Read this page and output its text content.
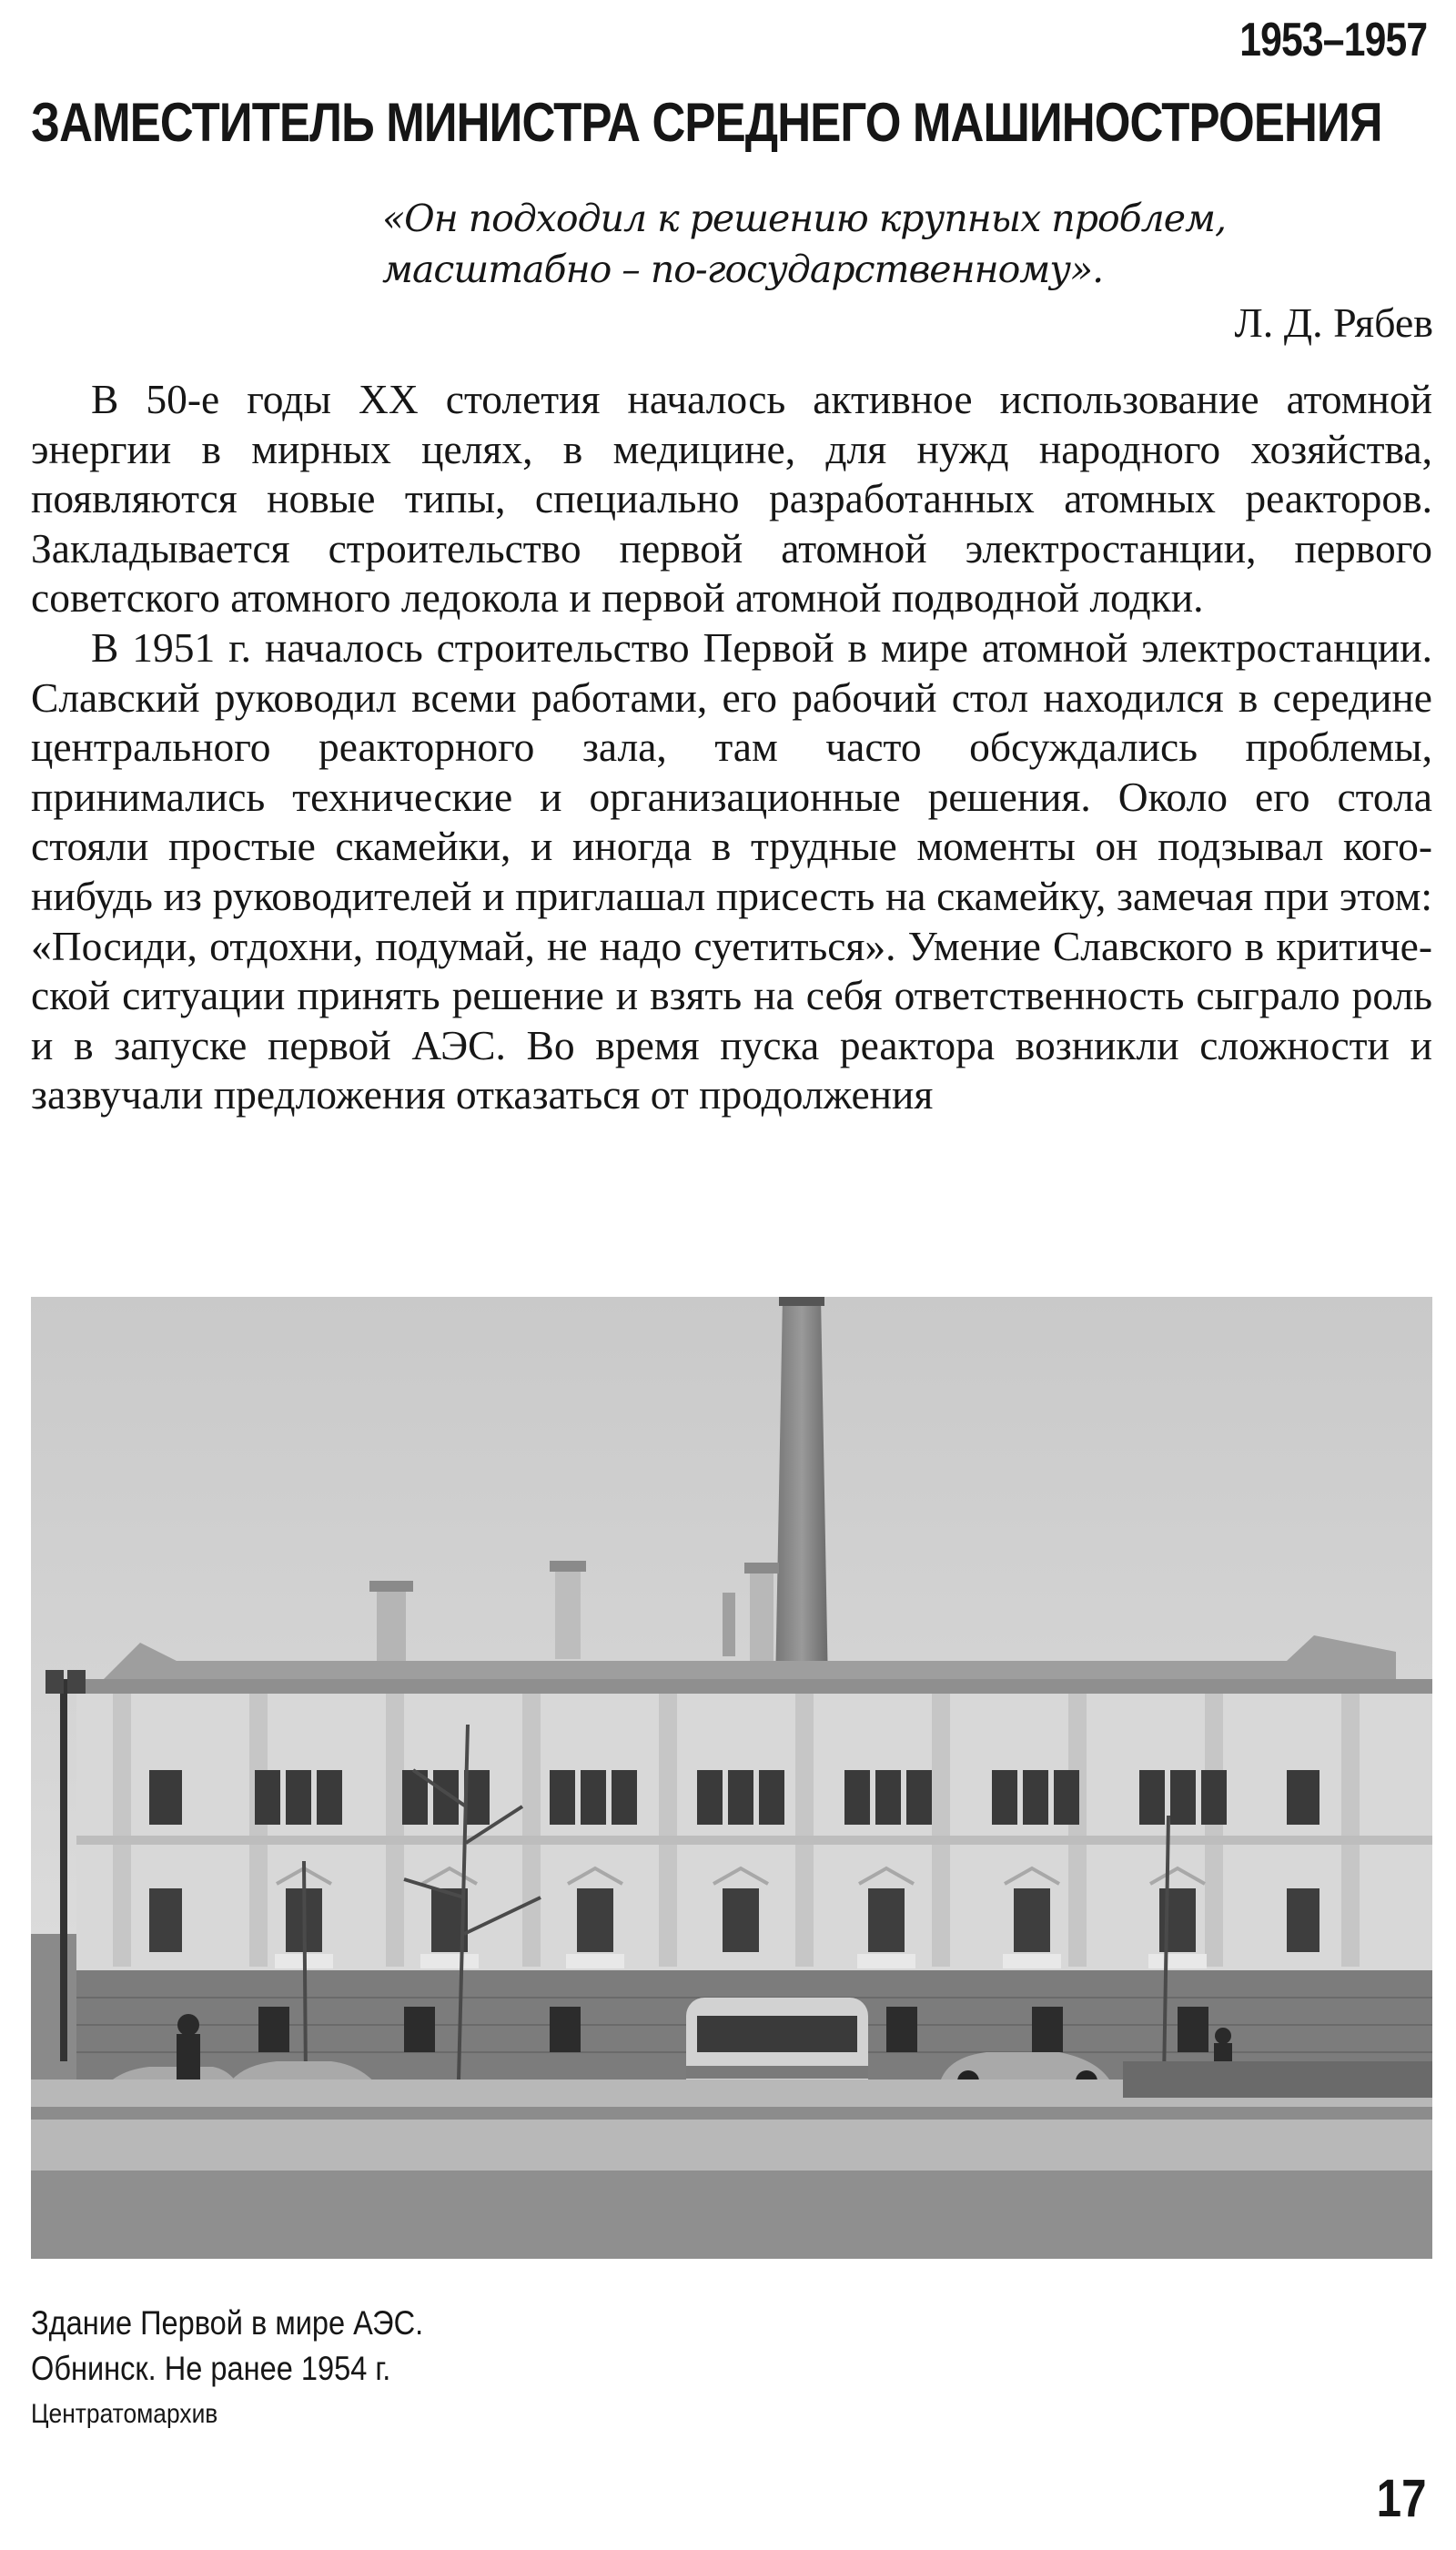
1953–1957
ЗАМЕСТИТЕЛЬ МИНИСТРА СРЕДНЕГО МАШИНОСТРОЕНИЯ
«Он подходил к решению крупных проблем,
масштабно – по-государственному».
Л. Д. Рябев

В 50-е годы XX столетия началось активное использование атомной энергии в мирных целях, в медицине, для нужд народного хозяйства, появляются новые типы, специально разработанных атомных реакторов. Закладывается строительство первой атомной электростанции, первого советского атомного ледокола и первой атомной подводной лодки.

В 1951 г. началось строительство Первой в мире атомной электростанции. Славский руководил всеми работами, его рабочий стол находился в середине центрального реакторного зала, там часто обсуждались проблемы, принимались технические и организационные решения. Около его стола стояли простые скамейки, и иногда в трудные моменты он подзывал кого-нибудь из руководителей и приглашал присесть на скамейку, замечая при этом: «Посиди, отдохни, подумай, не надо суетиться». Умение Славского в критической ситуации принять решение и взять на себя ответственность сыграло роль и в запуске первой АЭС. Во время пуска реактора возникли сложности и зазвучали предложения отказаться от продолжения

Здание Первой в мире АЭС.
Обнинск. Не ранее 1954 г.
Центратомархив
17
